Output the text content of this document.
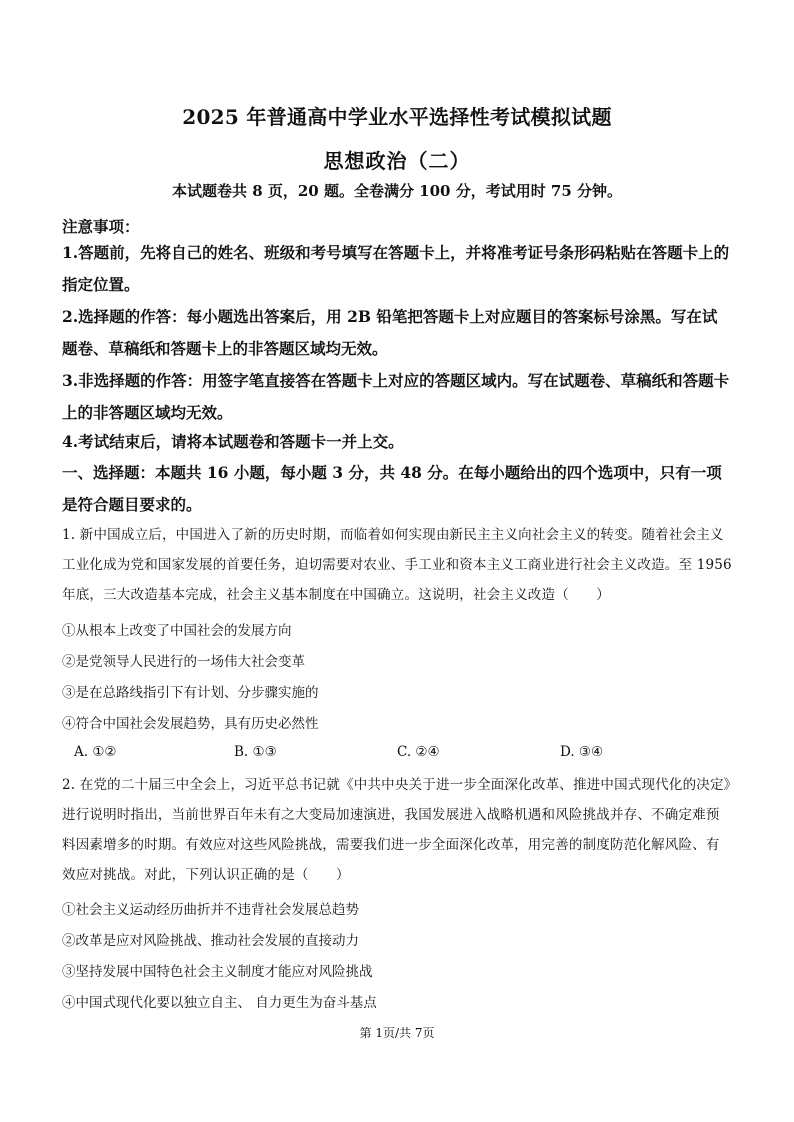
2025 年普通高中学业水平选择性考试模拟试题
思想政治（二）
本试题卷共 8 页，20 题。全卷满分 100 分，考试用时 75 分钟。
注意事项：
1.答题前，先将自己的姓名、班级和考号填写在答题卡上，并将准考证号条形码粘贴在答题卡上的指定位置。
2.选择题的作答：每小题选出答案后，用 2B 铅笔把答题卡上对应题目的答案标号涂黑。写在试题卷、草稿纸和答题卡上的非答题区域均无效。
3.非选择题的作答：用签字笔直接答在答题卡上对应的答题区域内。写在试题卷、草稿纸和答题卡上的非答题区域均无效。
4.考试结束后，请将本试题卷和答题卡一并上交。
一、选择题：本题共 16 小题，每小题 3 分，共 48 分。在每小题给出的四个选项中，只有一项是符合题目要求的。
1. 新中国成立后，中国进入了新的历史时期，而临着如何实现由新民主主义向社会主义的转变。随着社会主义工业化成为党和国家发展的首要任务，迫切需要对农业、手工业和资本主义工商业进行社会主义改造。至 1956 年底，三大改造基本完成，社会主义基本制度在中国确立。这说明，社会主义改造（　　）
①从根本上改变了中国社会的发展方向
②是党领导人民进行的一场伟大社会变革
③是在总路线指引下有计划、分步骤实施的
④符合中国社会发展趋势，具有历史必然性
A. ①②	B. ①③	C. ②④	D. ③④
2. 在党的二十届三中全会上，习近平总书记就《中共中央关于进一步全面深化改革、推进中国式现代化的决定》进行说明时指出，当前世界百年未有之大变局加速演进，我国发展进入战略机遇和风险挑战并存、不确定难预料因素增多的时期。有效应对这些风险挑战，需要我们进一步全面深化改革，用完善的制度防范化解风险、有效应对挑战。对此，下列认识正确的是（　　）
①社会主义运动经历曲折并不违背社会发展总趋势
②改革是应对风险挑战、推动社会发展的直接动力
③坚持发展中国特色社会主义制度才能应对风险挑战
④中国式现代化要以独立自主、 自力更生为奋斗基点
第 1页/共 7页
